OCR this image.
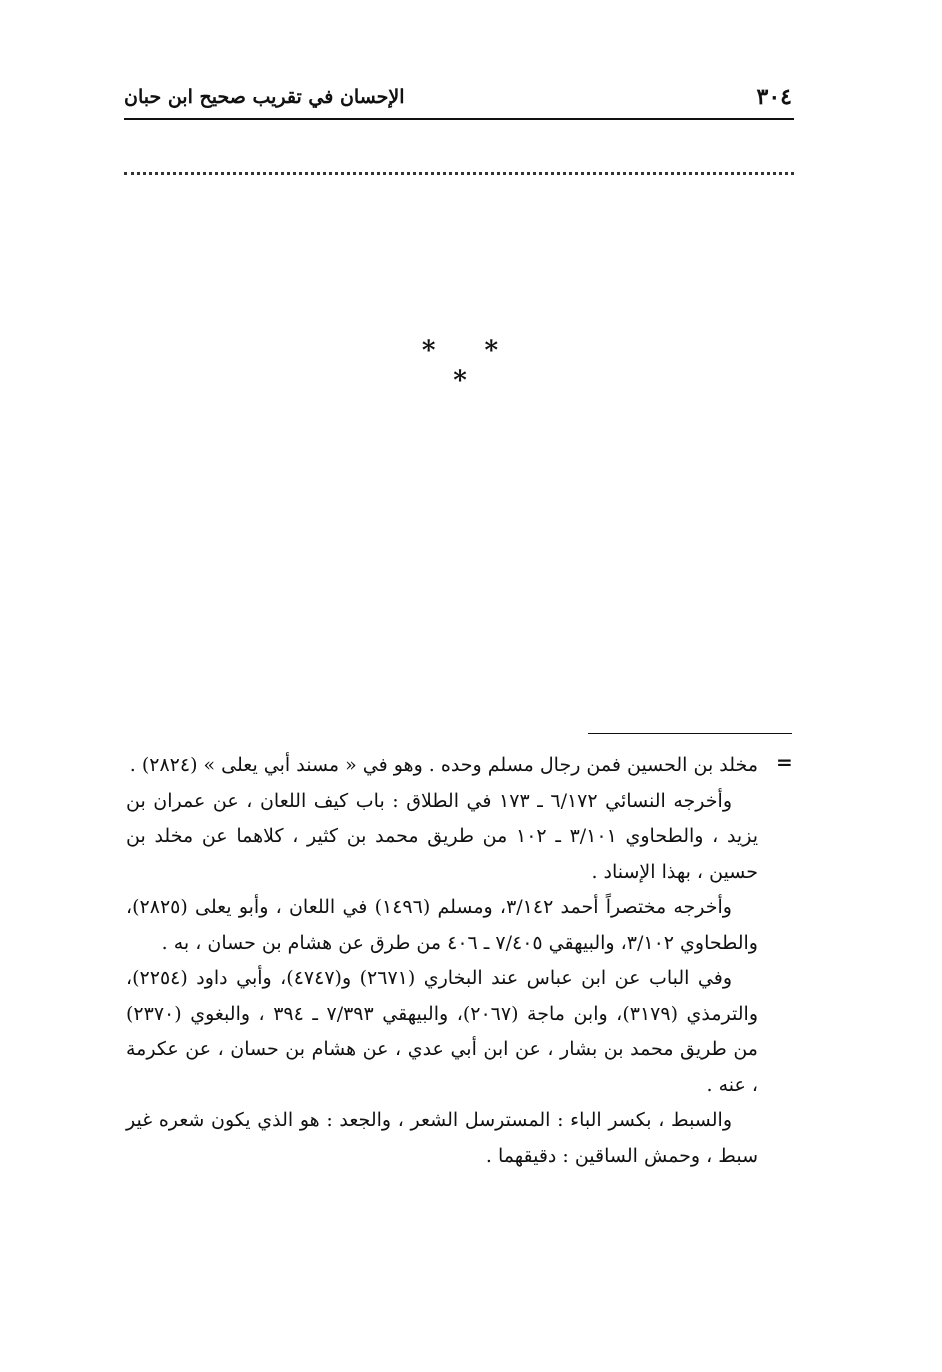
٣٠٤
الإحسان في تقريب صحيح ابن حبان
* * *
=

مخلد بن الحسين فمن رجال مسلم وحده . وهو في « مسند أبي يعلى » (٢٨٢٤) .

وأخرجه النسائي ٦/١٧٢ ـ ١٧٣ في الطلاق : باب كيف اللعان ، عن عمران بن يزيد ، والطحاوي ٣/١٠١ ـ ١٠٢ من طريق محمد بن كثير ، كلاهما عن مخلد بن حسين ، بهذا الإسناد .

وأخرجه مختصراً أحمد ٣/١٤٢، ومسلم (١٤٩٦) في اللعان ، وأبو يعلى (٢٨٢٥)، والطحاوي ٣/١٠٢، والبيهقي ٧/٤٠٥ ـ ٤٠٦ من طرق عن هشام بن حسان ، به .

وفي الباب عن ابن عباس عند البخاري (٢٦٧١) و(٤٧٤٧)، وأبي داود (٢٢٥٤)، والترمذي (٣١٧٩)، وابن ماجة (٢٠٦٧)، والبيهقي ٧/٣٩٣ ـ ٣٩٤ ، والبغوي (٢٣٧٠) من طريق محمد بن بشار ، عن ابن أبي عدي ، عن هشام بن حسان ، عن عكرمة ، عنه .

والسبط ، بكسر الباء : المسترسل الشعر ، والجعد : هو الذي يكون شعره غير سبط ، وحمش الساقين : دقيقهما .
